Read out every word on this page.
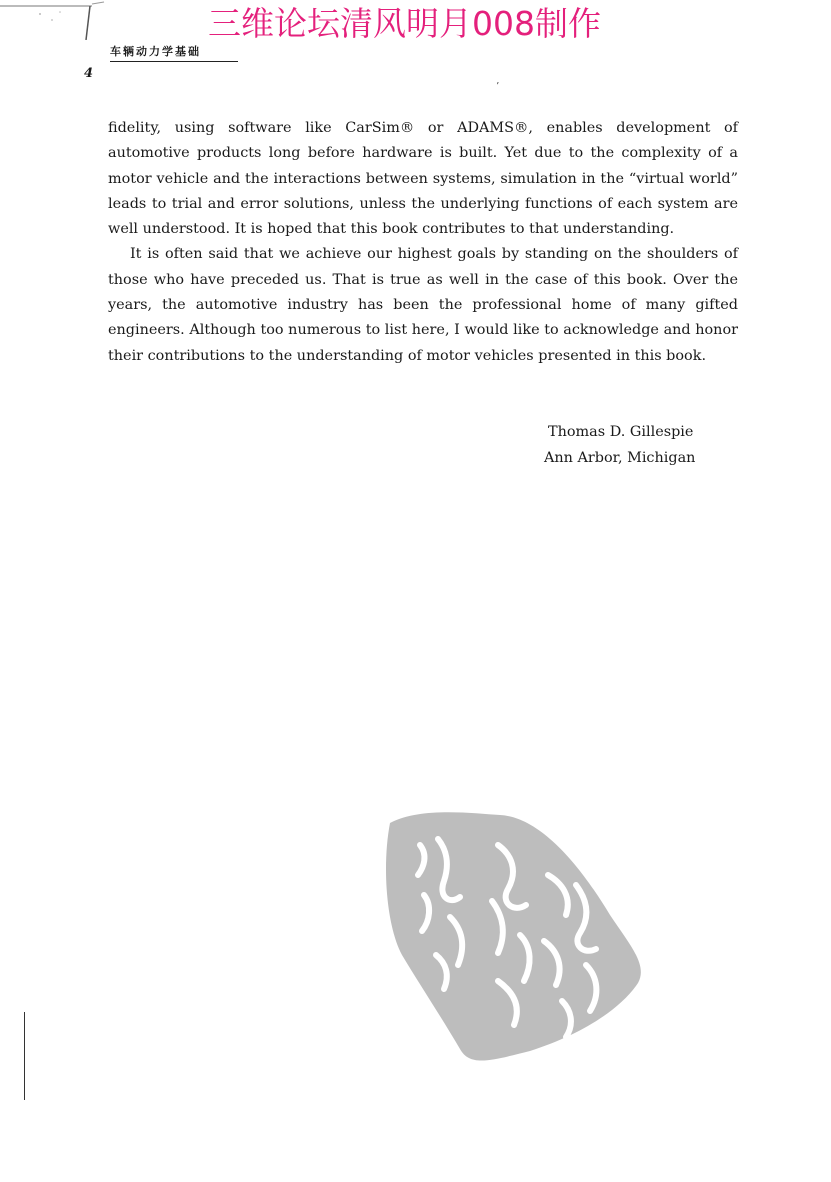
三维论坛清风明月008制作
车辆动力学基础
4
ʼ

fidelity, using software like CarSim® or ADAMS®, enables development of automotive products long before hardware is built. Yet due to the complexity of a motor vehicle and the interactions between systems, simulation in the “virtual world” leads to trial and error solutions, unless the underlying functions of each system are well understood. It is hoped that this book contributes to that understanding.

It is often said that we achieve our highest goals by standing on the shoulders of those who have preceded us. That is true as well in the case of this book. Over the years, the automotive industry has been the professional home of many gifted engineers. Although too numerous to list here, I would like to acknowledge and honor their contributions to the understanding of motor vehicles presented in this book.

Thomas D. Gillespie
Ann Arbor, Michigan
